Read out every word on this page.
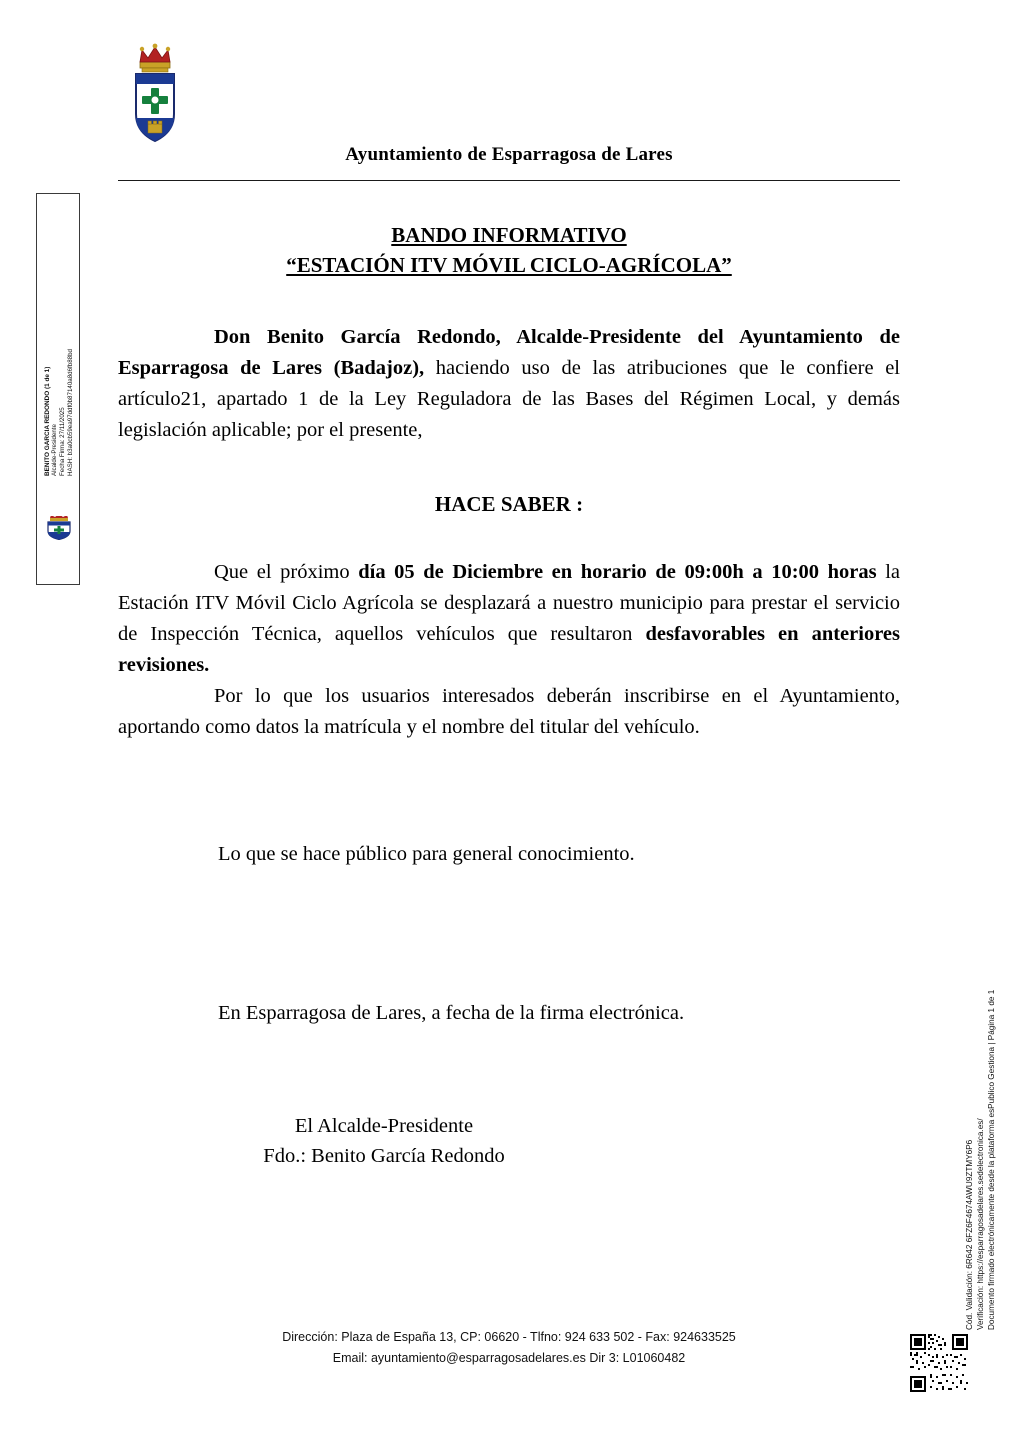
Ayuntamiento de Esparragosa de Lares
BENITO GARCIA REDONDO (1 de 1) Alcalde-Presidente Fecha Firma: 27/11/2025 HASH: b3a0cb59ea97ddf0b87140a8d6fb88bd
BANDO INFORMATIVO
“ESTACIÓN ITV MÓVIL CICLO-AGRÍCOLA”

Don Benito García Redondo, Alcalde-Presidente del Ayuntamiento de Esparragosa de Lares (Badajoz), haciendo uso de las atribuciones que le confiere el artículo21, apartado 1 de la Ley Reguladora de las Bases del Régimen Local, y demás legislación aplicable; por el presente,

HACE SABER :

Que el próximo día 05 de Diciembre en horario de 09:00h a 10:00 horas la Estación ITV Móvil Ciclo Agrícola se desplazará a nuestro municipio para prestar el servicio de Inspección Técnica, aquellos vehículos que resultaron desfavorables en anteriores revisiones.

Por lo que los usuarios interesados deberán inscribirse en el Ayuntamiento, aportando como datos la matrícula y el nombre del titular del vehículo.

Lo que se hace público para general conocimiento.
En Esparragosa de Lares, a fecha de la firma electrónica.
El Alcalde-Presidente
Fdo.: Benito García Redondo	Cód. Validación: 6R642 6FZ6F4674AWU9ZTMY6P6 Verificación: https://esparragosadelares.sedelectronica.es/ Documento firmado electrónicamente desde la plataforma esPublico Gestiona | Página 1 de 1
Dirección: Plaza de España 13, CP: 06620 - Tlfno: 924 633 502 - Fax: 924633525
Email: ayuntamiento@esparragosadelares.es Dir 3: L01060482
